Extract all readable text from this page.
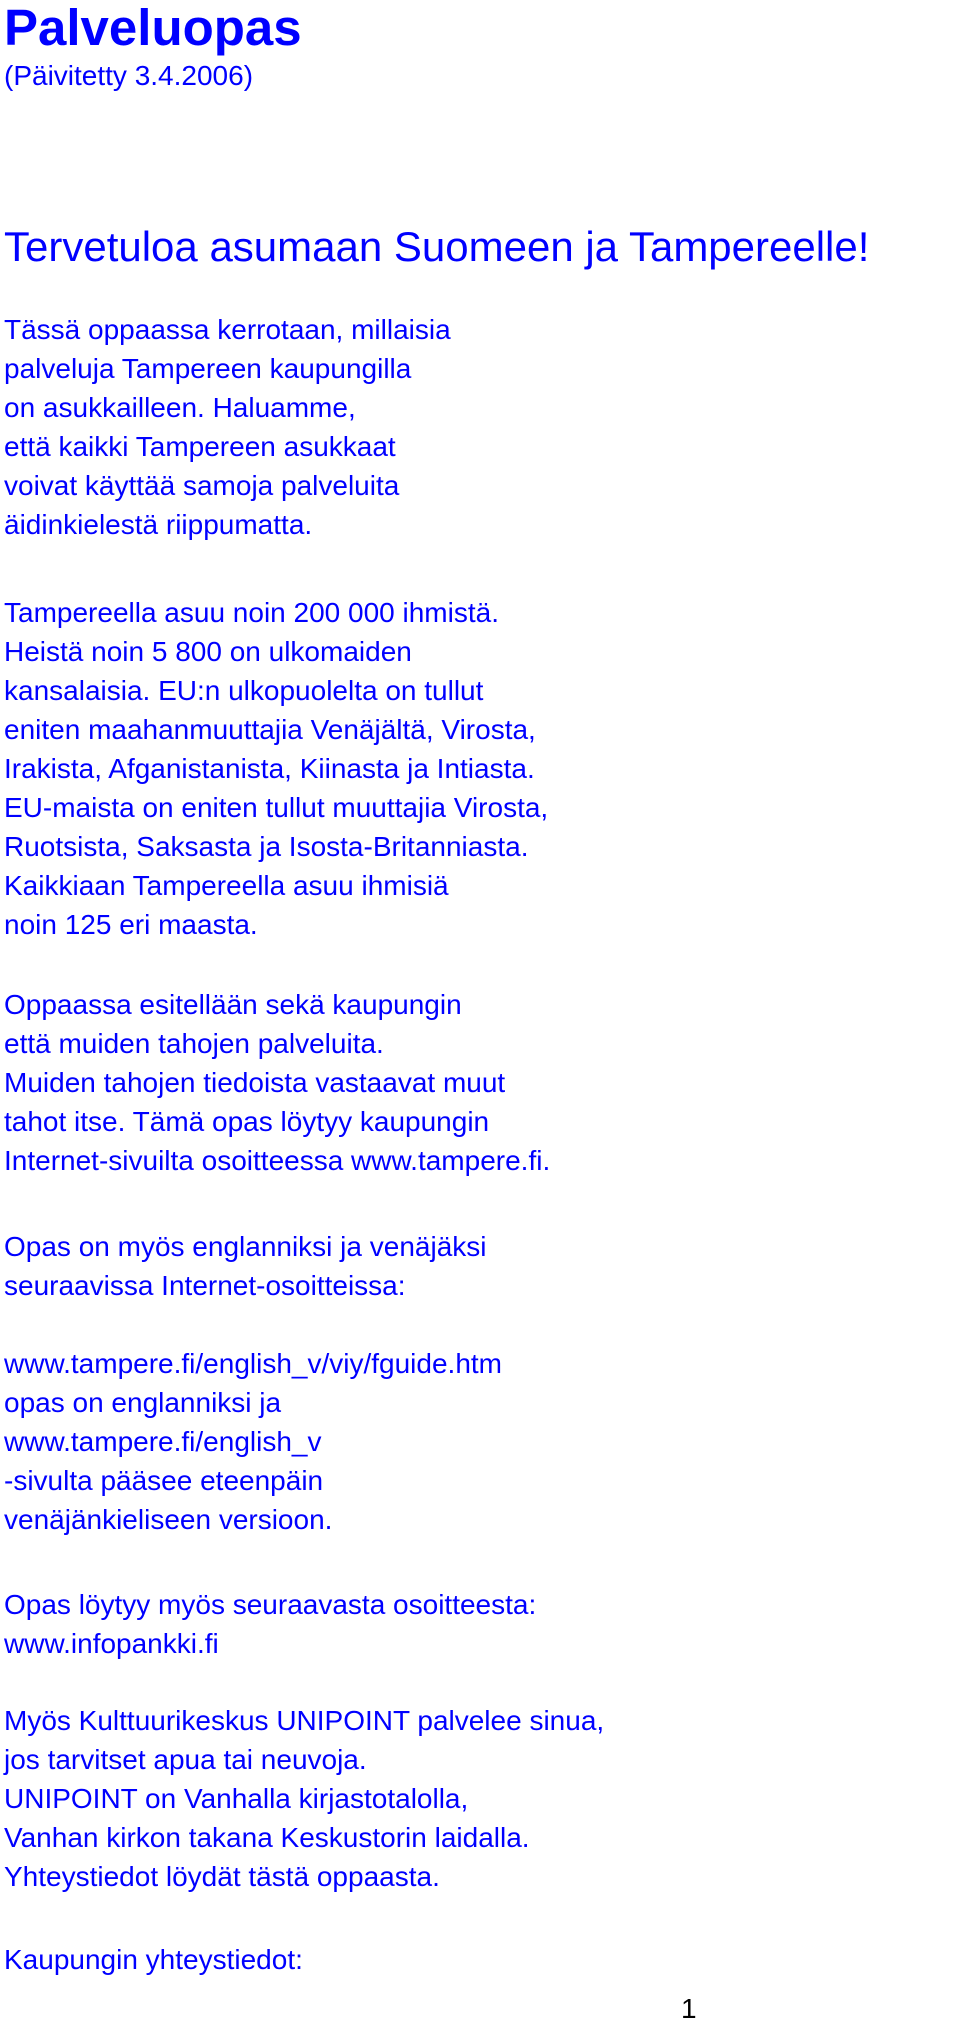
Palveluopas
(Päivitetty 3.4.2006)
Tervetuloa asumaan Suomeen ja Tampereelle!

Tässä oppaassa kerrotaan, millaisia
palveluja Tampereen kaupungilla
on asukkailleen. Haluamme,
että kaikki Tampereen asukkaat
voivat käyttää samoja palveluita
äidinkielestä riippumatta.

Tampereella asuu noin 200 000 ihmistä.
Heistä noin 5 800 on ulkomaiden
kansalaisia. EU:n ulkopuolelta on tullut
eniten maahanmuuttajia Venäjältä, Virosta,
Irakista, Afganistanista, Kiinasta ja Intiasta.
EU-maista on eniten tullut muuttajia Virosta,
Ruotsista, Saksasta ja Isosta-Britanniasta.
Kaikkiaan Tampereella asuu ihmisiä
noin 125 eri maasta.

Oppaassa esitellään sekä kaupungin
että muiden tahojen palveluita.
Muiden tahojen tiedoista vastaavat muut
tahot itse. Tämä opas löytyy kaupungin
Internet-sivuilta osoitteessa www.tampere.fi.

Opas on myös englanniksi ja venäjäksi
seuraavissa Internet-osoitteissa:

www.tampere.fi/english_v/viy/fguide.htm
opas on englanniksi ja
www.tampere.fi/english_v
-sivulta pääsee eteenpäin
venäjänkieliseen versioon.

Opas löytyy myös seuraavasta osoitteesta:
www.infopankki.fi

Myös Kulttuurikeskus UNIPOINT palvelee sinua,
jos tarvitset apua tai neuvoja.
UNIPOINT on Vanhalla kirjastotalolla,
Vanhan kirkon takana Keskustorin laidalla.
Yhteystiedot löydät tästä oppaasta.

Kaupungin yhteystiedot:

1
